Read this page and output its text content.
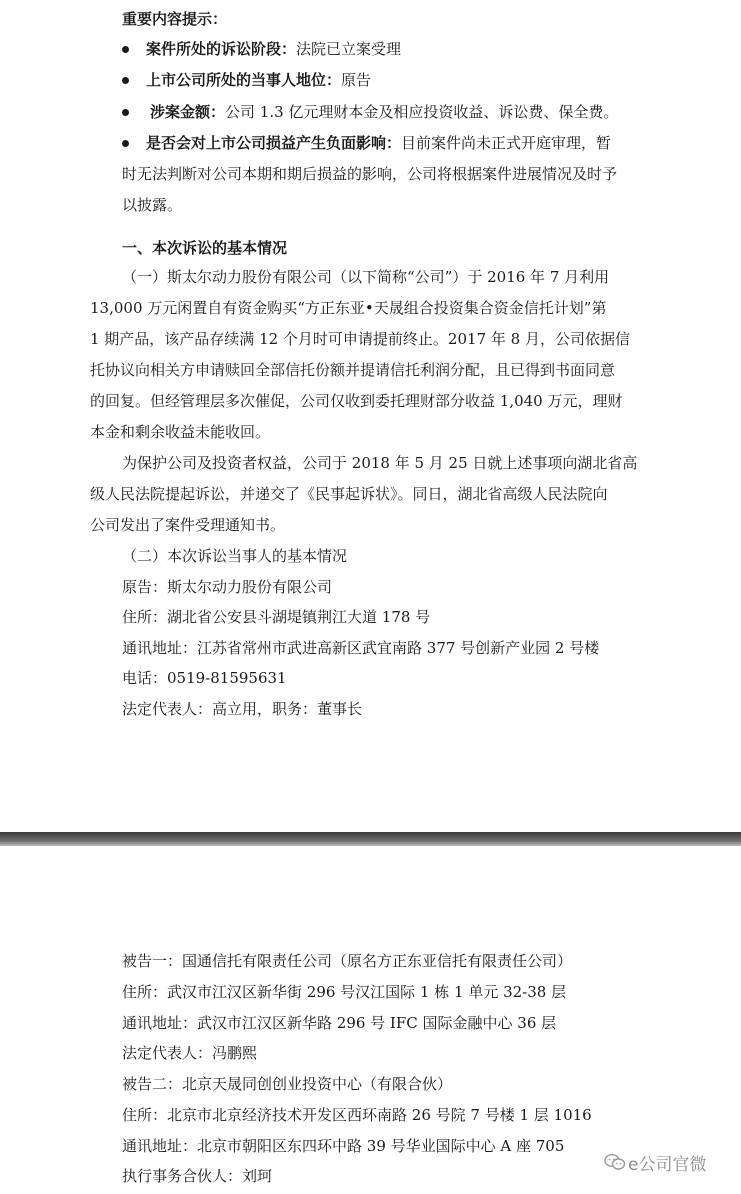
重要内容提示：
案件所处的诉讼阶段：法院已立案受理
上市公司所处的当事人地位：原告
涉案金额：公司 1.3 亿元理财本金及相应投资收益、诉讼费、保全费。
是否会对上市公司损益产生负面影响：目前案件尚未正式开庭审理，暂
时无法判断对公司本期和期后损益的影响，公司将根据案件进展情况及时予
以披露。
一、本次诉讼的基本情况
（一）斯太尔动力股份有限公司（以下简称“公司”）于 2016 年 7 月利用
13,000 万元闲置自有资金购买“方正东亚•天晟组合投资集合资金信托计划”第
1 期产品，该产品存续满 12 个月时可申请提前终止。2017 年 8 月，公司依据信
托协议向相关方申请赎回全部信托份额并提请信托利润分配，且已得到书面同意
的回复。但经管理层多次催促，公司仅收到委托理财部分收益 1,040 万元，理财
本金和剩余收益未能收回。
为保护公司及投资者权益，公司于 2018 年 5 月 25 日就上述事项向湖北省高
级人民法院提起诉讼，并递交了《民事起诉状》。同日，湖北省高级人民法院向
公司发出了案件受理通知书。
（二）本次诉讼当事人的基本情况
原告：斯太尔动力股份有限公司
住所：湖北省公安县斗湖堤镇荆江大道 178 号
通讯地址：江苏省常州市武进高新区武宜南路 377 号创新产业园 2 号楼
电话：0519-81595631
法定代表人：高立用，职务：董事长
被告一：国通信托有限责任公司（原名方正东亚信托有限责任公司）
住所：武汉市江汉区新华街 296 号汉江国际 1 栋 1 单元 32-38 层
通讯地址：武汉市江汉区新华路 296 号 IFC 国际金融中心 36 层
法定代表人：冯鹏熙
被告二：北京天晟同创创业投资中心（有限合伙）
住所：北京市北京经济技术开发区西环南路 26 号院 7 号楼 1 层 1016
通讯地址：北京市朝阳区东四环中路 39 号华业国际中心 A 座 705
执行事务合伙人：刘珂
e公司官微
